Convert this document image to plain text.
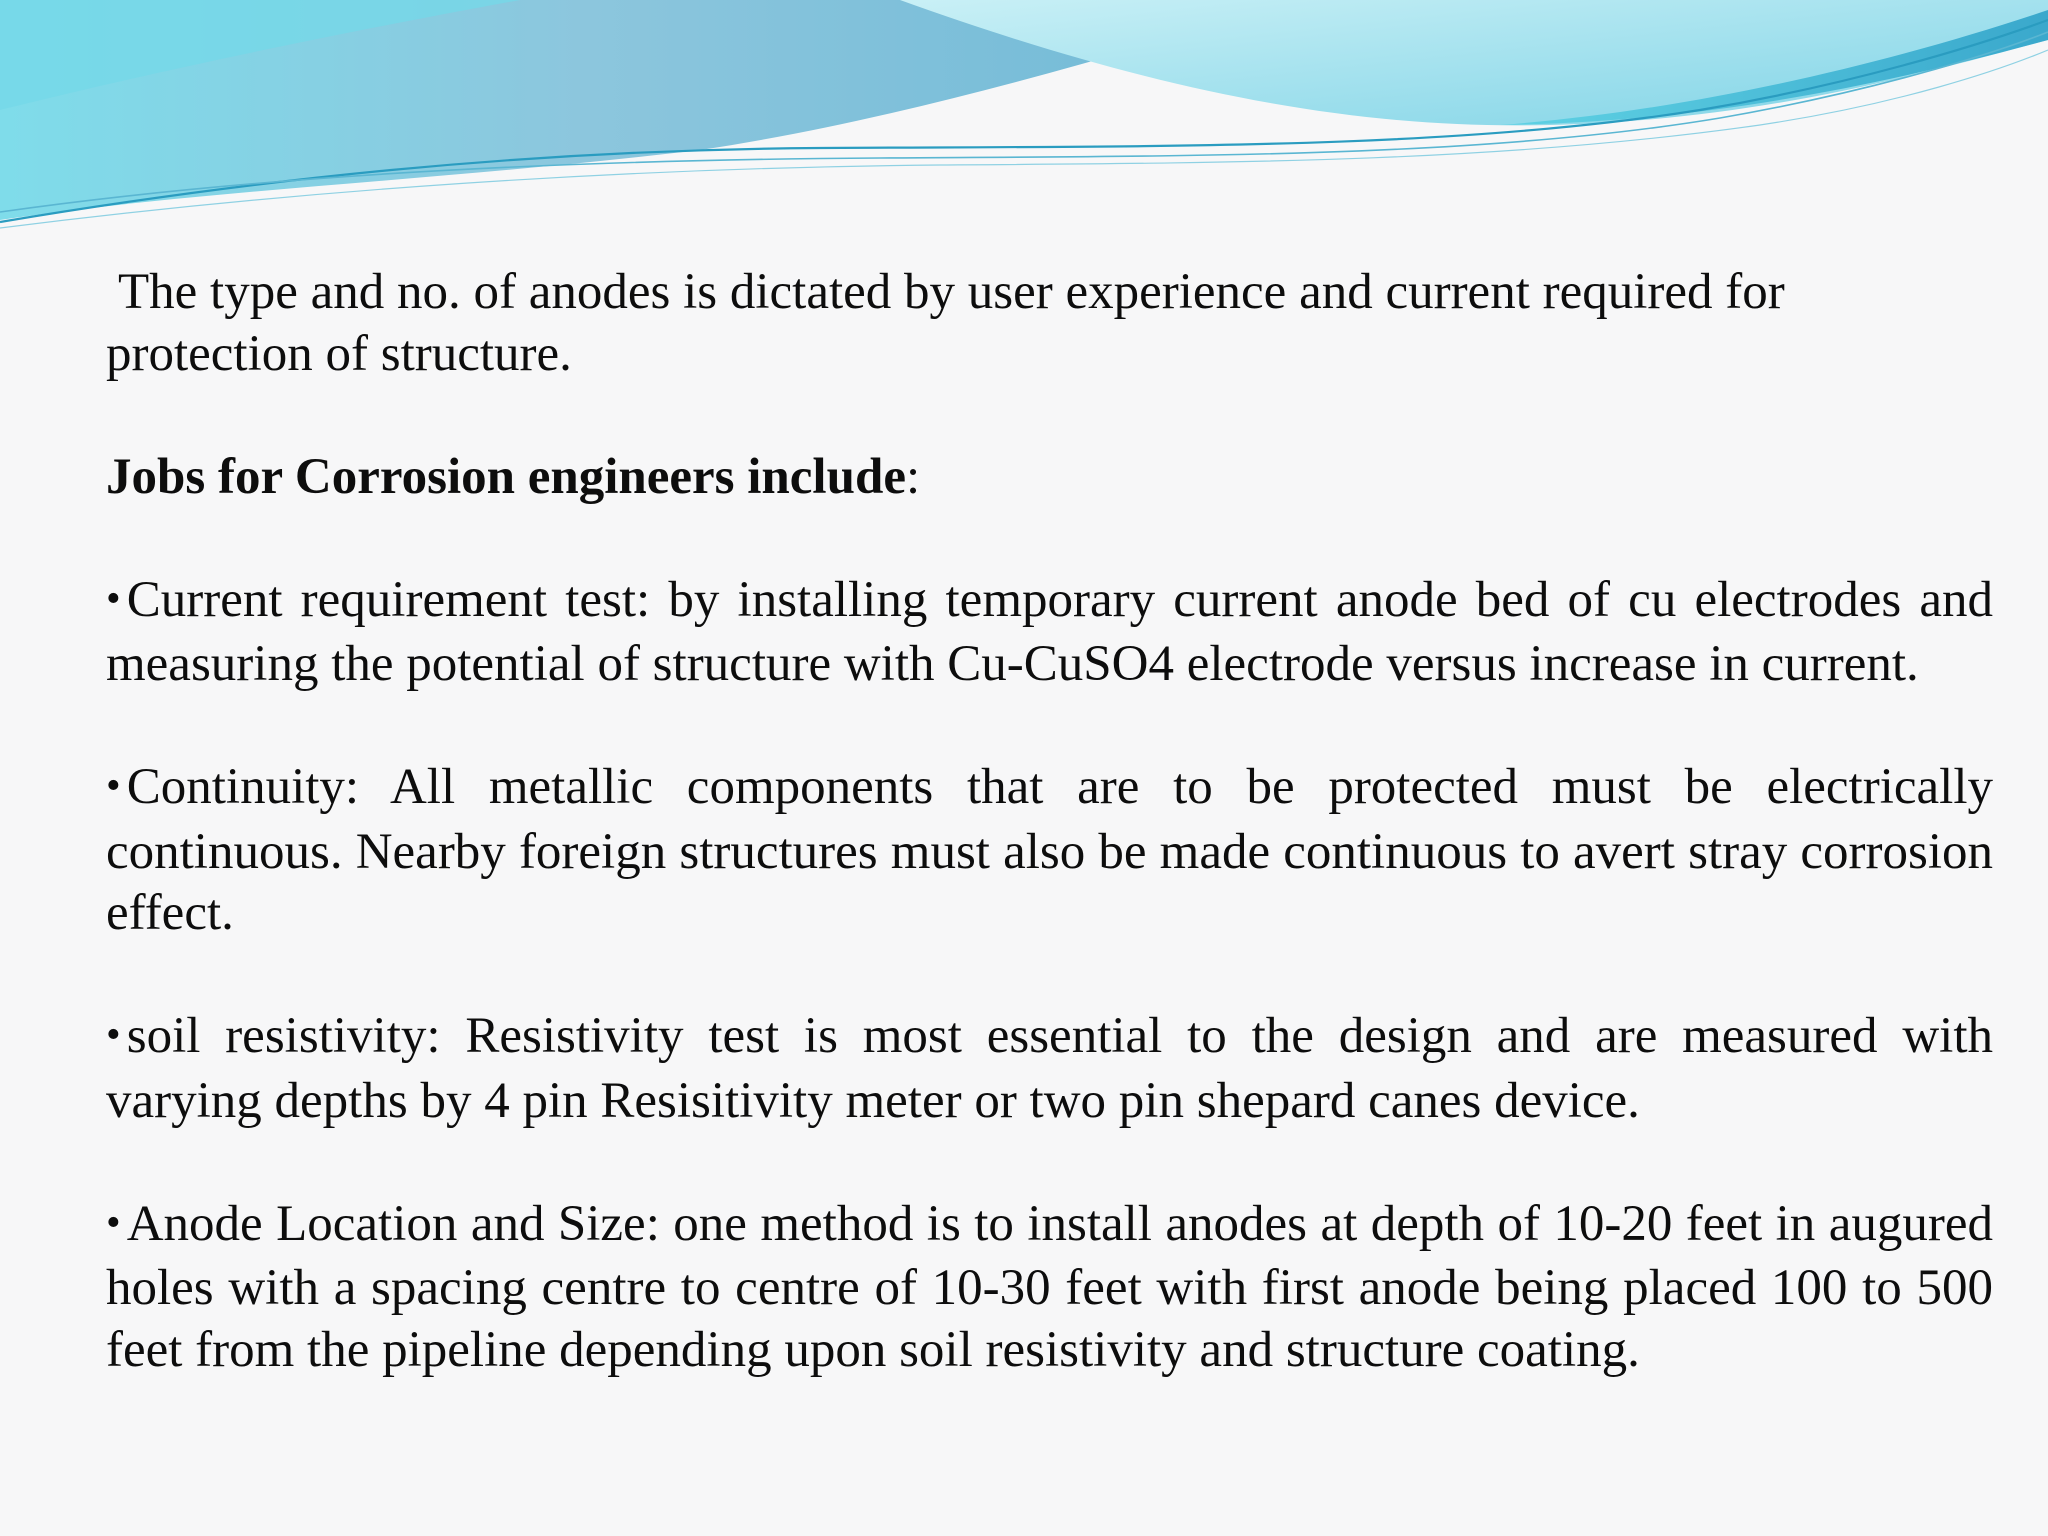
The type and no. of anodes is dictated by user experience and current required for protection of structure.

Jobs for Corrosion engineers include:

• Current requirement test: by installing temporary current anode bed of cu electrodes and measuring the potential of structure with Cu-CuSO4 electrode versus increase in current.

• Continuity: All metallic components that are to be protected must be electrically continuous. Nearby foreign structures must also be made continuous to avert stray corrosion effect.

• soil resistivity: Resistivity test is most essential to the design and are measured with varying depths by 4 pin Resisitivity meter or two pin shepard canes device.

• Anode Location and Size: one method is to install anodes at depth of 10-20 feet in augured holes with a spacing centre to centre of 10-30 feet with first anode being placed 100 to 500 feet from the pipeline depending upon soil resistivity and structure coating.
